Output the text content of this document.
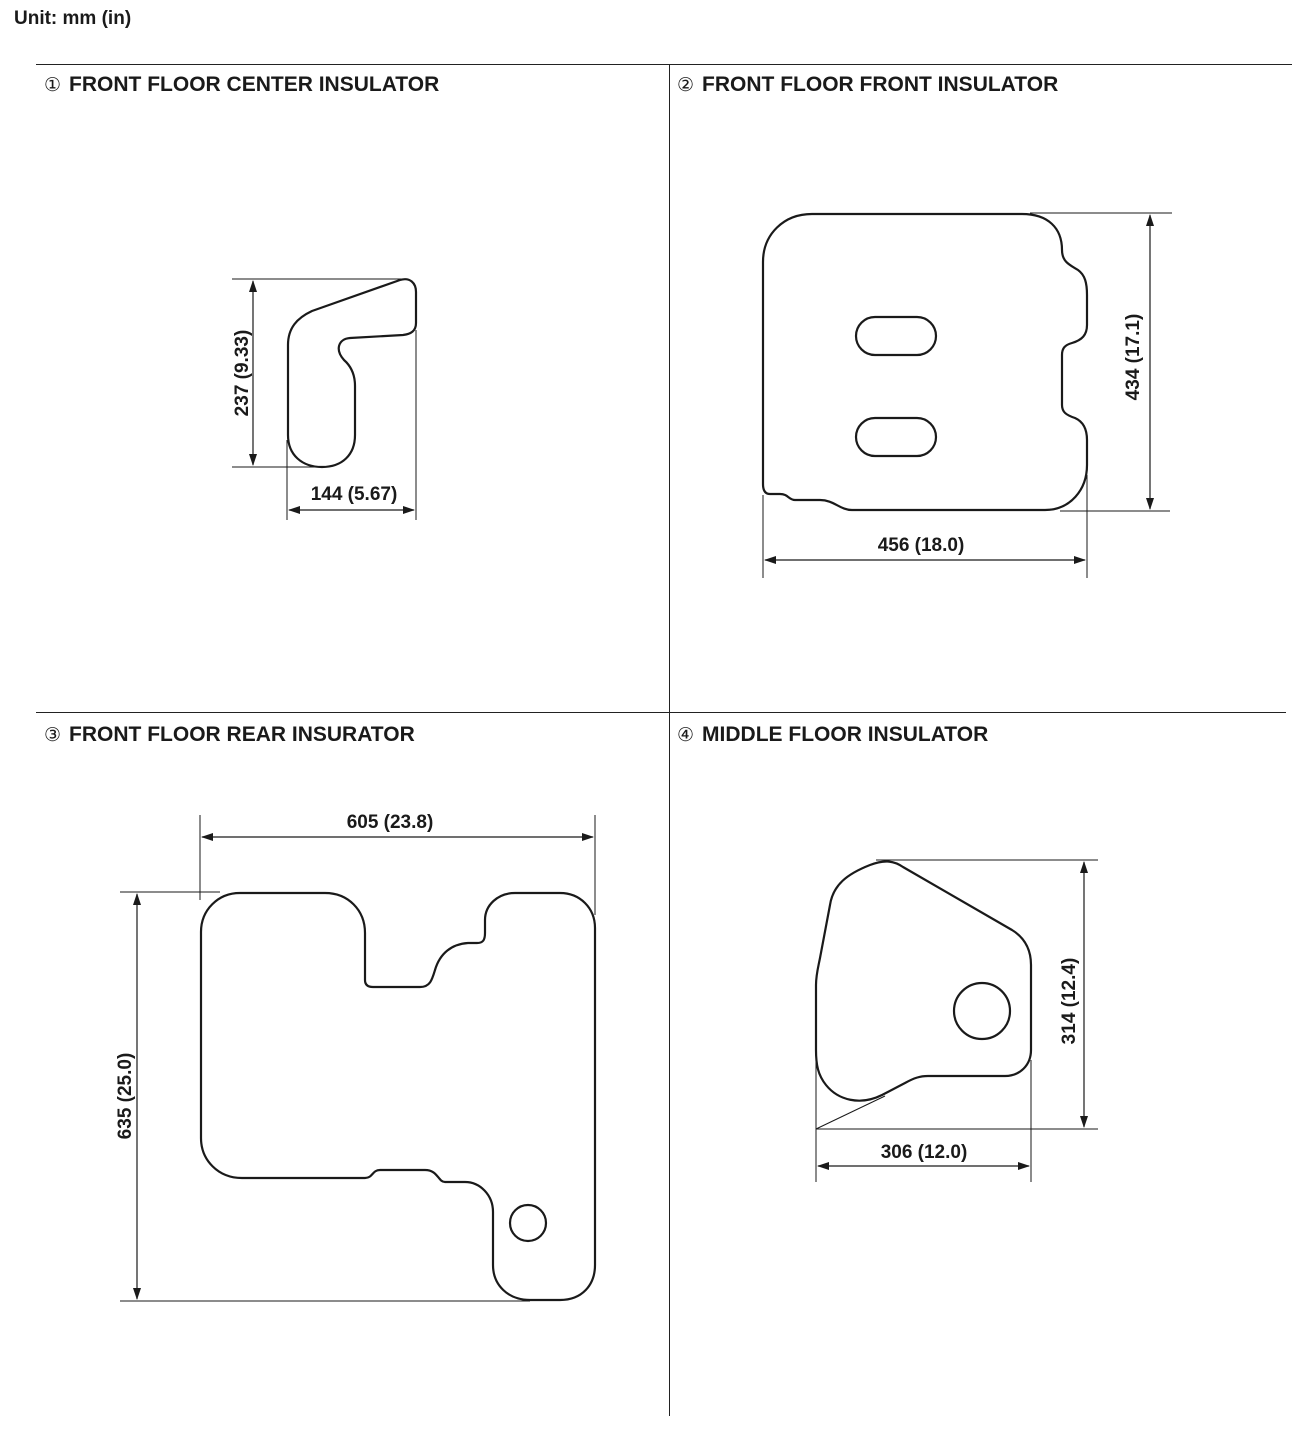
Unit: mm (in)
① FRONT FLOOR CENTER INSULATOR	② FRONT FLOOR FRONT INSULATOR
③ FRONT FLOOR REAR INSURATOR	④ MIDDLE FLOOR INSULATOR
237 (9.33)
144 (5.67)
434 (17.1)
456 (18.0)
635 (25.0)
605 (23.8)
314 (12.4)
306 (12.0)
